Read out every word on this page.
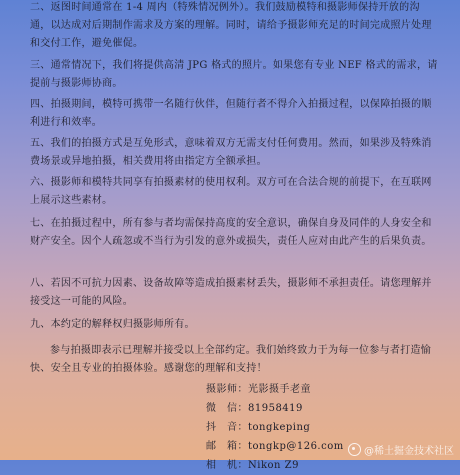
二、返图时间通常在 1-4 周内（特殊情况例外）。我们鼓励模特和摄影师保持开放的沟通，以达成对后期制作需求及方案的理解。同时，请给予摄影师充足的时间完成照片处理和交付工作，避免催促。

三、通常情况下，我们将提供高清 JPG 格式的照片。如果您有专业 NEF 格式的需求，请提前与摄影师协商。

四、拍摄期间，模特可携带一名随行伙伴，但随行者不得介入拍摄过程，以保障拍摄的顺利进行和效率。

五、我们的拍摄方式是互免形式，意味着双方无需支付任何费用。然而，如果涉及特殊消费场景或异地拍摄，相关费用将由指定方全额承担。

六、摄影师和模特共同享有拍摄素材的使用权利。双方可在合法合规的前提下，在互联网上展示这些素材。

七、在拍摄过程中，所有参与者均需保持高度的安全意识，确保自身及同伴的人身安全和财产安全。因个人疏忽或不当行为引发的意外或损失，责任人应对由此产生的后果负责。

八、若因不可抗力因素、设备故障等造成拍摄素材丢失，摄影师不承担责任。请您理解并接受这一可能的风险。

九、本约定的解释权归摄影师所有。

参与拍摄即表示已理解并接受以上全部约定。我们始终致力于为每一位参与者打造愉快、安全且专业的拍摄体验。感谢您的理解和支持！

摄影师：光影摄手老童
微　信：81958419
抖　音：tongkeping
邮　箱：tongkp@126.com
相　机：Nikon Z9
@稀土掘金技术社区
